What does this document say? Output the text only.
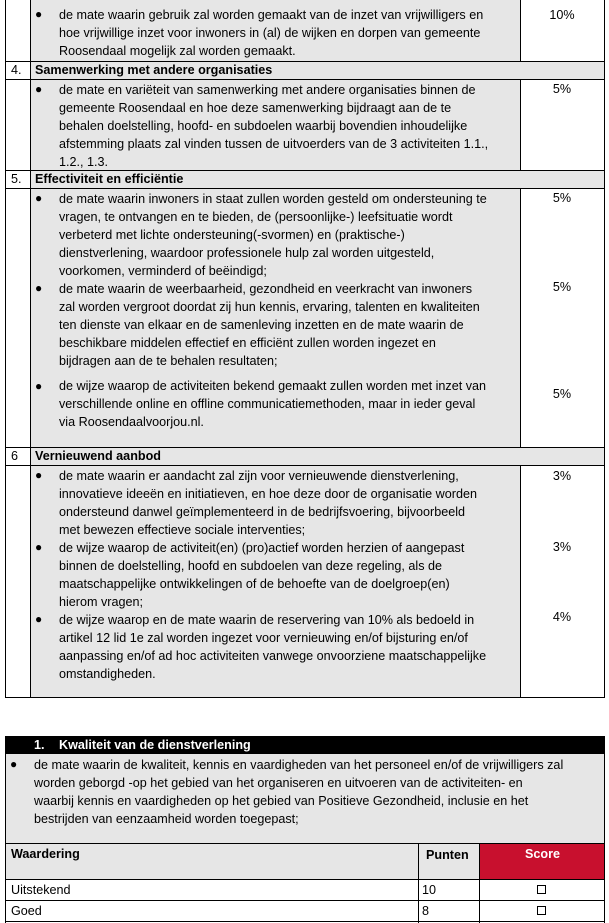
● de mate waarin gebruik zal worden gemaakt van de inzet van vrijwilligers en
hoe vrijwillige inzet voor inwoners in (al) de wijken en dorpen van gemeente
Roosendaal mogelijk zal worden gemaakt.
10%
4. Samenwerking met andere organisaties
● de mate en variëteit van samenwerking met andere organisaties binnen de
gemeente Roosendaal en hoe deze samenwerking bijdraagt aan de te
behalen doelstelling, hoofd- en subdoelen waarbij bovendien inhoudelijke
afstemming plaats zal vinden tussen de uitvoerders van de 3 activiteiten 1.1.,
1.2., 1.3.
5%
5. Effectiviteit en efficiëntie
● de mate waarin inwoners in staat zullen worden gesteld om ondersteuning te
vragen, te ontvangen en te bieden, de (persoonlijke-) leefsituatie wordt
verbeterd met lichte ondersteuning(-svormen) en (praktische-)
dienstverlening, waardoor professionele hulp zal worden uitgesteld,
voorkomen, verminderd of beëindigd;
5%
● de mate waarin de weerbaarheid, gezondheid en veerkracht van inwoners
zal worden vergroot doordat zij hun kennis, ervaring, talenten en kwaliteiten
ten dienste van elkaar en de samenleving inzetten en de mate waarin de
beschikbare middelen effectief en efficiënt zullen worden ingezet en
bijdragen aan de te behalen resultaten;
5%
● de wijze waarop de activiteiten bekend gemaakt zullen worden met inzet van
verschillende online en offline communicatiemethoden, maar in ieder geval
via Roosendaalvoorjou.nl.
5%
6 Vernieuwend aanbod
● de mate waarin er aandacht zal zijn voor vernieuwende dienstverlening,
innovatieve ideeën en initiatieven, en hoe deze door de organisatie worden
ondersteund danwel geïmplementeerd in de bedrijfsvoering, bijvoorbeeld
met bewezen effectieve sociale interventies;
3%
● de wijze waarop de activiteit(en) (pro)actief worden herzien of aangepast
binnen de doelstelling, hoofd en subdoelen van deze regeling, als de
maatschappelijke ontwikkelingen of de behoefte van de doelgroep(en)
hierom vragen;
3%
● de wijze waarop en de mate waarin de reservering van 10% als bedoeld in
artikel 12 lid 1e zal worden ingezet voor vernieuwing en/of bijsturing en/of
aanpassing en/of ad hoc activiteiten vanwege onvoorziene maatschappelijke
omstandigheden.
4%
1. Kwaliteit van de dienstverlening
● de mate waarin de kwaliteit, kennis en vaardigheden van het personeel en/of de vrijwilligers zal
worden geborgd -op het gebied van het organiseren en uitvoeren van de activiteiten- en
waarbij kennis en vaardigheden op het gebied van Positieve Gezondheid, inclusie en het
bestrijden van eenzaamheid worden toegepast;
Waardering	Punten	Score
Uitstekend	10
Goed	8
